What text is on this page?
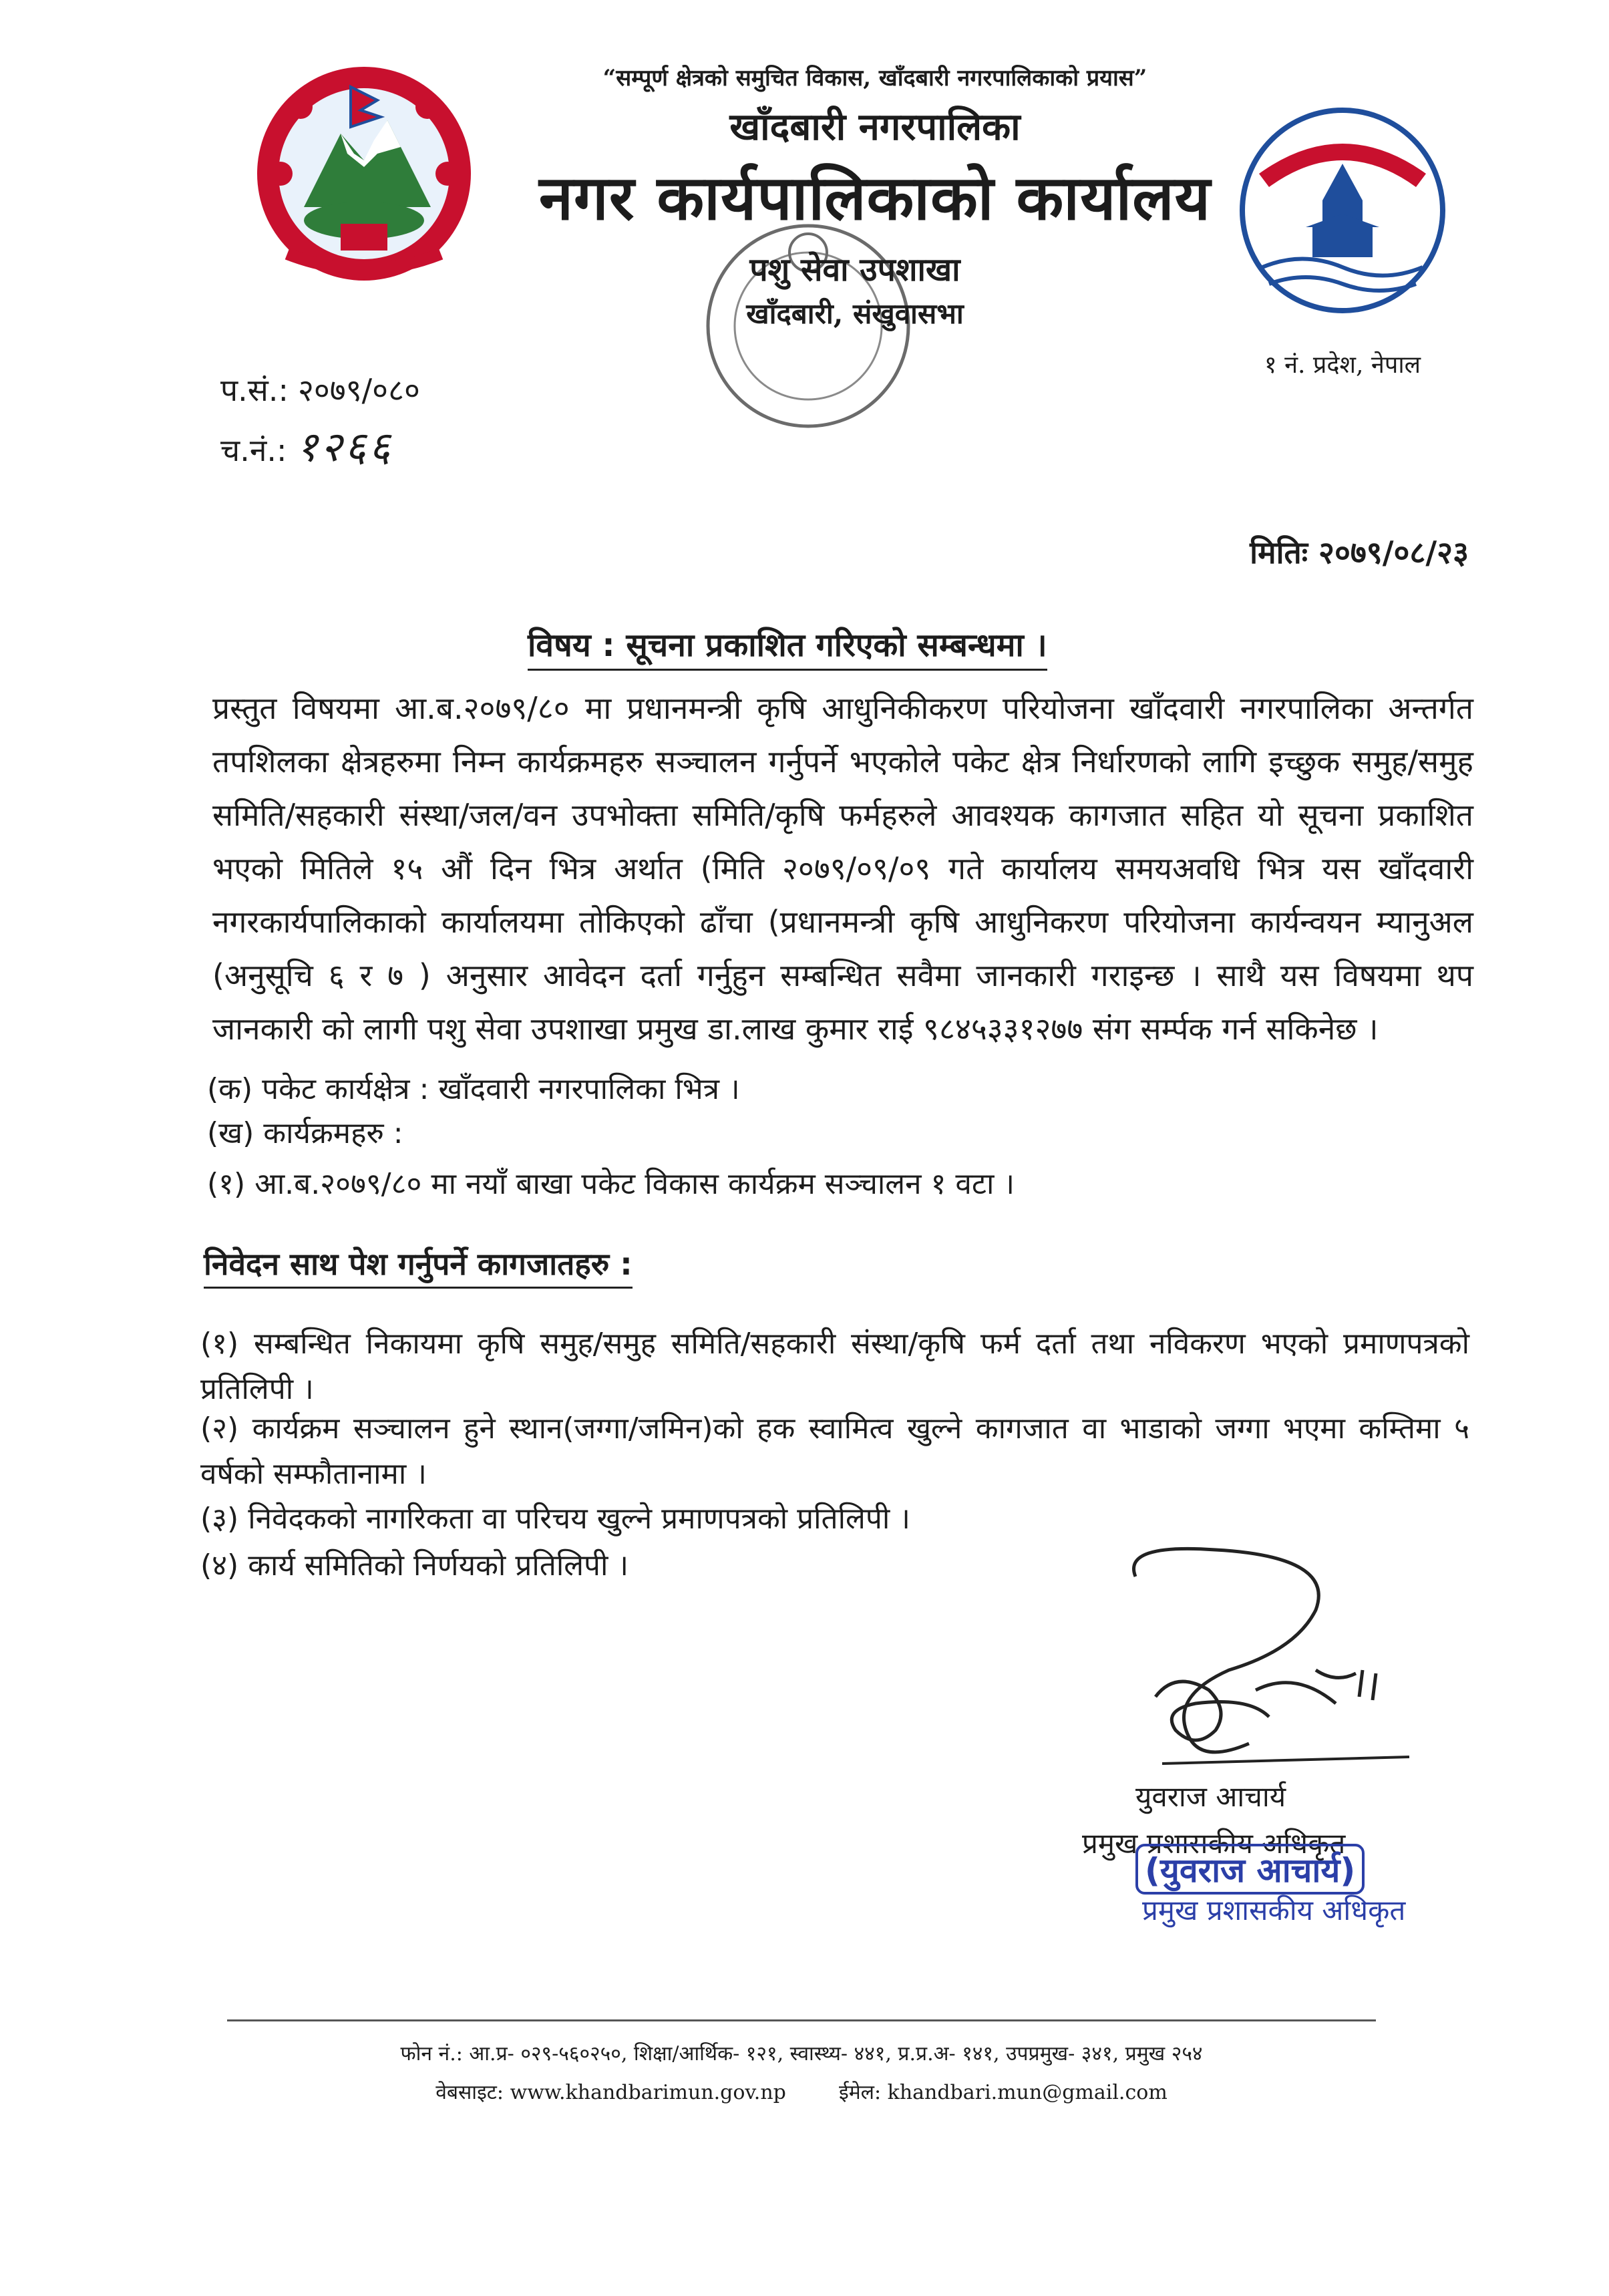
“सम्पूर्ण क्षेत्रको समुचित विकास, खाँदबारी नगरपालिकाको प्रयास”
खाँदबारी नगरपालिका
नगर कार्यपालिकाको कार्यालय
पशु सेवा उपशाखा
खाँदबारी, संखुवासभा
१ नं. प्रदेश, नेपाल
प.सं.: २०७९/०८०
च.नं.: १२६६
मितिः २०७९/०८/२३
विषय : सूचना प्रकाशित गरिएको सम्बन्धमा ।
प्रस्तुत विषयमा आ.ब.२०७९/८० मा प्रधानमन्त्री कृषि आधुनिकीकरण परियोजना खाँदवारी नगरपालिका अन्तर्गत तपशिलका क्षेत्रहरुमा निम्न कार्यक्रमहरु सञ्चालन गर्नुपर्ने भएकोले पकेट क्षेत्र निर्धारणको लागि इच्छुक समुह/समुह समिति/सहकारी संस्था/जल/वन उपभोक्ता समिति/कृषि फर्महरुले आवश्यक कागजात सहित यो सूचना प्रकाशित भएको मितिले १५ औं दिन भित्र अर्थात (मिति २०७९/०९/०९ गते कार्यालय समयअवधि भित्र यस खाँदवारी नगरकार्यपालिकाको कार्यालयमा तोकिएको ढाँचा (प्रधानमन्त्री कृषि आधुनिकरण परियोजना कार्यन्वयन म्यानुअल (अनुसूचि ६ र ७ ) अनुसार आवेदन दर्ता गर्नुहुन सम्बन्धित सवैमा जानकारी गराइन्छ । साथै यस विषयमा थप जानकारी को लागी पशु सेवा उपशाखा प्रमुख डा.लाख कुमार राई ९८४५३३१२७७ संग सर्म्पक गर्न सकिनेछ ।
(क) पकेट कार्यक्षेत्र : खाँदवारी नगरपालिका भित्र ।
(ख) कार्यक्रमहरु :
(१) आ.ब.२०७९/८० मा नयाँ बाखा पकेट विकास कार्यक्रम सञ्चालन १ वटा ।
निवेदन साथ पेश गर्नुपर्ने कागजातहरु :
(१) सम्बन्धित निकायमा कृषि समुह/समुह समिति/सहकारी संस्था/कृषि फर्म दर्ता तथा नविकरण भएको प्रमाणपत्रको प्रतिलिपी ।
(२) कार्यक्रम सञ्चालन हुने स्थान(जग्गा/जमिन)को हक स्वामित्व खुल्ने कागजात वा भाडाको जग्गा भएमा कम्तिमा ५ वर्षको सम्फौतानामा ।
(३) निवेदकको नागरिकता वा परिचय खुल्ने प्रमाणपत्रको प्रतिलिपी ।
(४) कार्य समितिको निर्णयको प्रतिलिपी ।
युवराज आचार्य
प्रमुख प्रशासकीय अधिकृत
(युवराज आचार्य)
प्रमुख प्रशासकीय अधिकृत
फोन नं.: आ.प्र- ०२९-५६०२५०, शिक्षा/आर्थिक- १२१, स्वास्थ्य- ४४१, प्र.प्र.अ- १४१, उपप्रमुख- ३४१, प्रमुख २५४
वेबसाइट: www.khandbarimun.gov.np	ईमेल: khandbari.mun@gmail.com
